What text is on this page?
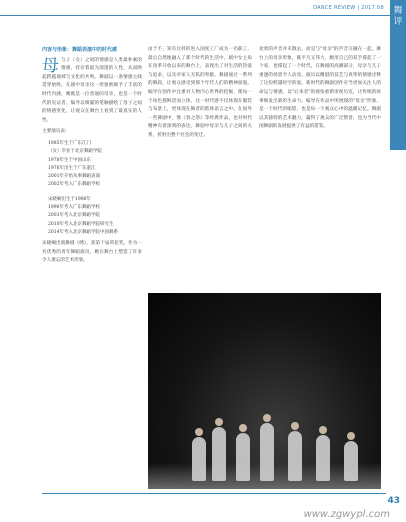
DANCE REVIEW | 2017.08 舞评
内容与形象：舞蹈表演中的时代感
母 与子（女）之间的情感是人类最朴素的情感，持存着最为深邃的人性，从而唤起跨越地域与文化的共鸣。舞剧以一条情感主线贯穿始终，在剧中母亲这一形象被赋予了丰富的时代内涵，她既是一位普通的母亲，也是一个时代的见证者。编导以细腻的笔触描绘了母子之间的情感变化，让观众在舞台上看到了最真实的人性。
主要演员表：
1985年生于广东江门
（女）毕业于北京舞蹈学院
1978年生于中国山东
1976年出生于广东湛江
2001年开始从事舞蹈表演
2002年考入广东舞蹈学校
宋晓娴出生于1986年
1996年考入广东舞蹈学校
2003年考入北京舞蹈学院
2010年考入北京舞蹈学院研究生
2014年考入北京舞蹈学院中国舞系
宋晓娴出演舞剧《绣》，获第十届荷花奖。作为一名优秀的青年舞蹈演员，她在舞台上塑造了许多令人难忘的艺术形象。
由于不，知有这样的进入国度工厂成为一名职工，最后自然地融入了那个时代的生活中。剧中女主角在改革开放以来的舞台上，表现出了对生活的热爱与追求，以及对家人无私的奉献。舞剧通过一系列的舞段，让观众感受到那个年代人们的精神面貌。编导在创作中注重对人物内心世界的挖掘，使每一个角色都鲜活而立体。这一时代感不仅体现在服装与布景上，更体现在舞者的肢体语言之中。在国外一些舞剧中，像《春之祭》等经典作品，也对时代精神有着深刻的表达。舞剧中母亲与儿子之间的关系，折射出整个社会的变迁。
欢欣的声音并未散去，而是与"母亲"的声音交融在一起。舞台上的母亲形象，既平凡又伟大，她用自己的双手撑起了一个家，也撑起了一个时代。在舞剧的高潮部分，母亲与儿子重逢的场景令人动容。演员以精湛的技艺与真挚的情感诠释了这份跨越时空的爱。新时代的舞剧创作应当更加关注人的命运与情感，以"后来者"的视角重新审视历史，让传统的故事焕发出新的生命力。编导在作品中所展现的"母亲"形象，是一个时代的缩影，也是每一个观众心中的温暖记忆。舞剧以其独特的艺术魅力，赢得了观众的广泛赞誉，也为当代中国舞剧的发展提供了有益的借鉴。
43
www.zgwypl.com
